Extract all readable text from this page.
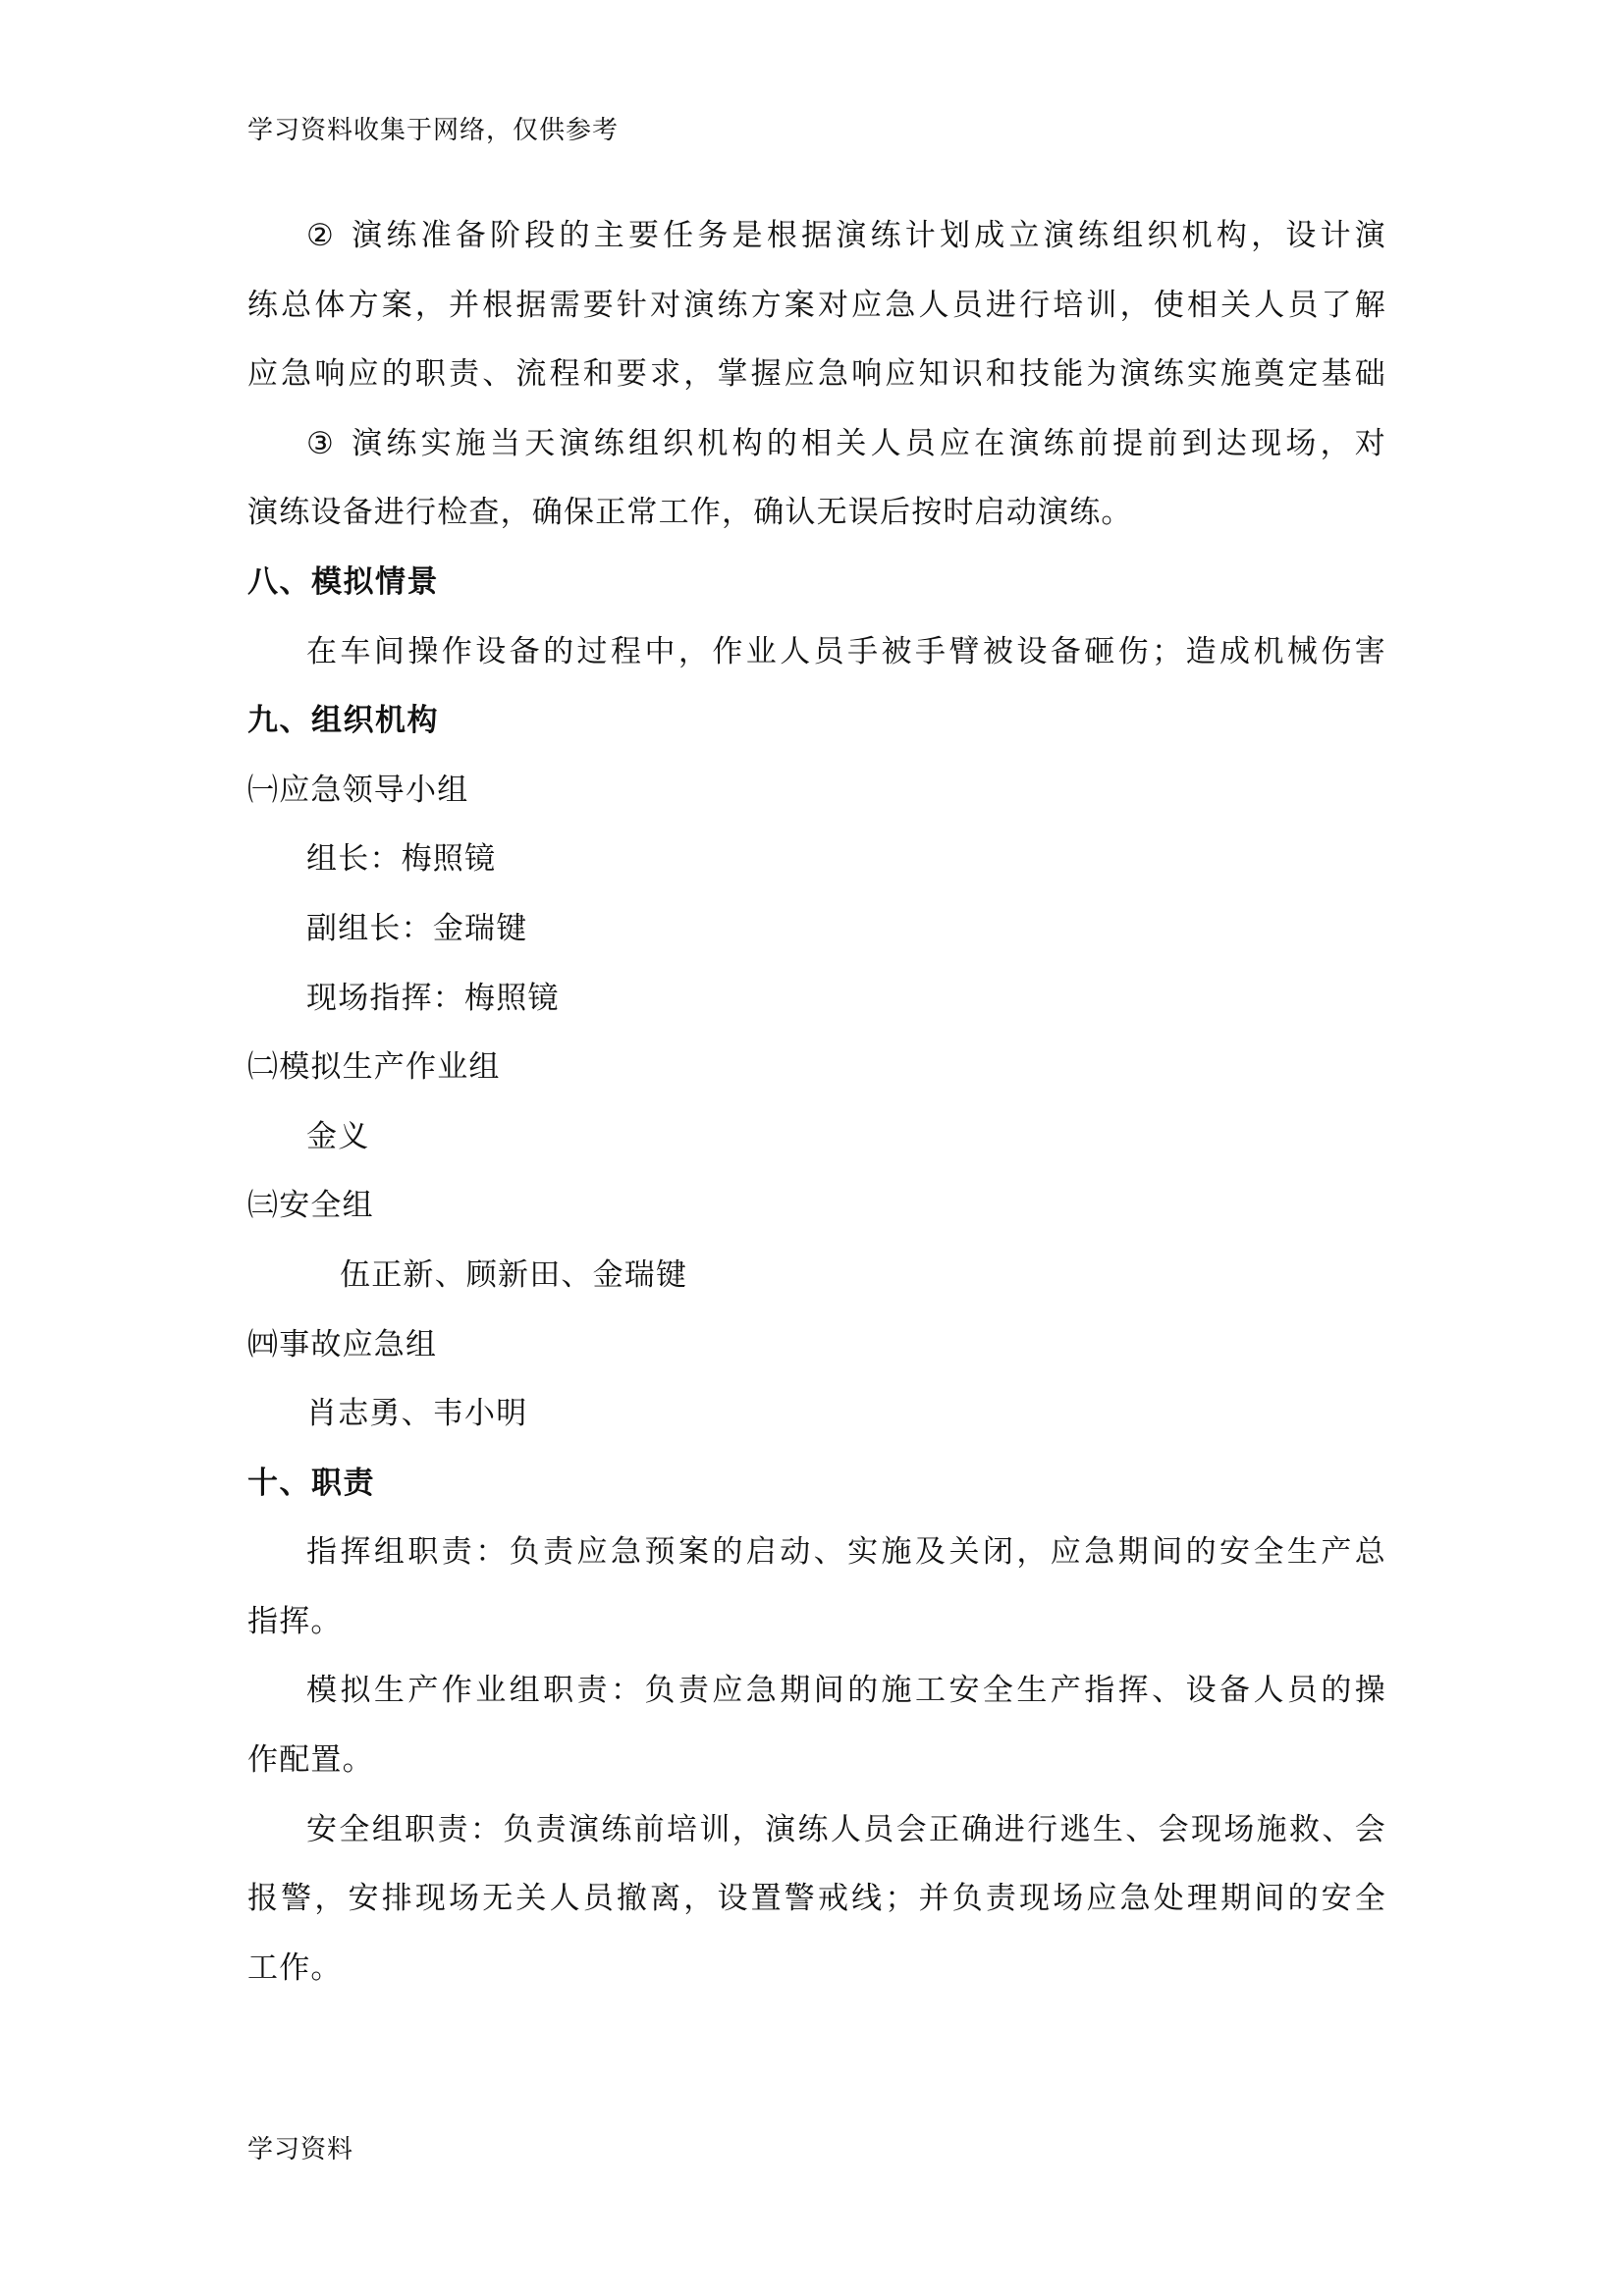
学习资料收集于网络，仅供参考
② 演练准备阶段的主要任务是根据演练计划成立演练组织机构，设计演
练总体方案，并根据需要针对演练方案对应急人员进行培训，使相关人员了解
应急响应的职责、流程和要求，掌握应急响应知识和技能为演练实施奠定基础
③ 演练实施当天演练组织机构的相关人员应在演练前提前到达现场，对
演练设备进行检查，确保正常工作，确认无误后按时启动演练。
八、模拟情景
在车间操作设备的过程中，作业人员手被手臂被设备砸伤；造成机械伤害
九、组织机构
㈠应急领导小组
组长：梅照镜
副组长：金瑞键
现场指挥：梅照镜
㈡模拟生产作业组
金义
㈢安全组
伍正新、顾新田、金瑞键
㈣事故应急组
肖志勇、韦小明
十、职责
指挥组职责：负责应急预案的启动、实施及关闭，应急期间的安全生产总
指挥。
模拟生产作业组职责：负责应急期间的施工安全生产指挥、设备人员的操
作配置。
安全组职责：负责演练前培训，演练人员会正确进行逃生、会现场施救、会
报警，安排现场无关人员撤离，设置警戒线；并负责现场应急处理期间的安全
工作。
学习资料
